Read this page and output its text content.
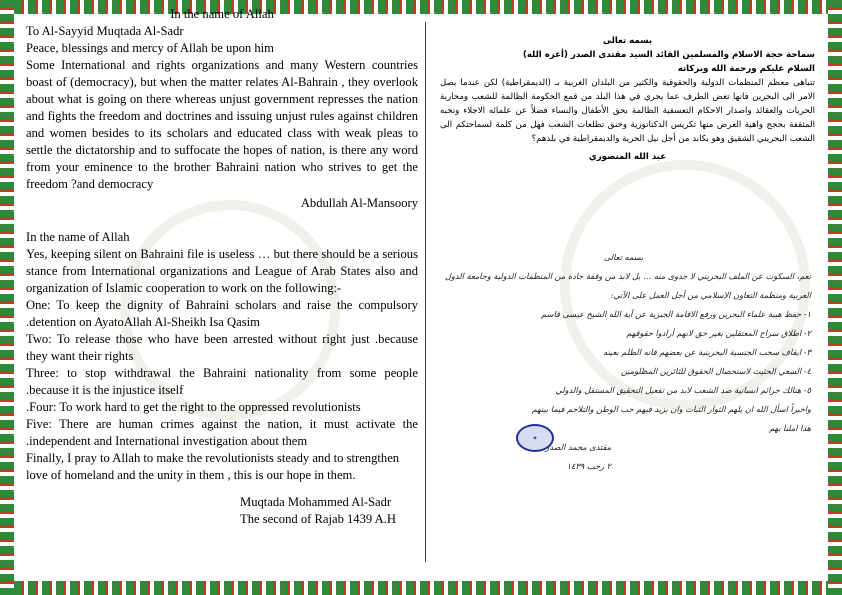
In the name of Allah

To Al-Sayyid Muqtada Al-Sadr

Peace, blessings and mercy of Allah be upon him

Some International and rights organizations and many Western countries boast of (democracy), but when the matter relates Al-Bahrain , they overlook about what is going on there whereas unjust government represses the nation and fights the freedom and doctrines and issuing unjust rules against children and women besides to its scholars and educated class with weak pleas to settle the dictatorship and to suffocate the hopes of nation, is there any word from your eminence to the brother Bahraini nation who strives to get the freedom ?and democracy

Abdullah Al-Mansoory

In the name of Allah

Yes, keeping silent on Bahraini file is useless … but there should be a serious stance from International organizations and League of Arab States also and organization of Islamic cooperation to work on the following:-

One: To keep the dignity of Bahraini scholars and raise the compulsory .detention on AyatoAllah Al-Sheikh Isa Qasim

Two: To release those who have been arrested without right just .because they want their rights

Three: to stop withdrawal the Bahraini nationality from some people .because it is the injustice itself

.Four: To work hard to get the right to the oppressed revolutionists

Five: There are human crimes against the nation, it must activate the .independent and International investigation about them

Finally, I pray to Allah to make the revolutionists steady and to strengthen love of homeland and the unity in them , this is our hope in them.

Muqtada Mohammed Al-Sadr

The second of Rajab 1439 A.H

بسمه تعالى

سماحة حجة الاسلام والمسلمين القائد السيد مقتدى الصدر (أعزه الله)

السلام عليكم ورحمة الله وبركاته

تتباهى معظم المنظمات الدولية والحقوقية والكثير من البلدان الغربية بـ (الديمقراطية) لكن عندما يصل الامر الى البحرين فانها تغض الطرف عما يجري في هذا البلد من قمع الحكومة الظالمة للشعب ومحاربة الحريات والعقائد واصدار الاحكام التعسفية الظالمة بحق الأطفال والنساء فضلاً عن علمائه الاجلاء ونخبه المثقفة بحجج واهية الغرض منها تكريس الدكتاتورية وخنق تطلعات الشعب فهل من كلمة لسماحتكم الى الشعب البحريني الشقيق وهو يكابد من أجل نيل الحرية والديمقراطية في بلدهم؟

عبد الله المنصوري

بسمه تعالى

نعم، السكوت عن الملف البحريني لا جدوى منه … بل لابد من وقفة جادة من المنظمات الدولية وجامعة الدول العربية ومنظمة التعاون الاسلامي من أجل العمل على الآتي:

١- حفظ هيبة علماء البحرين ورفع الاقامة الجبرية عن آية الله الشيخ عيسى قاسم

٢- اطلاق سراح المعتقلين بغير حق لانهم أرادوا حقوقهم

٣- ايقاف سحب الجنسية البحرينية عن بعضهم فانه الظلم بعينه

٤- السعي الحثيث لاستحصال الحقوق للثائرين المظلومين

٥- هنالك جرائم انسانية ضد الشعب لابد من تفعيل التحقيق المستقل والدولي

واخيراً اسأل الله ان يلهم الثوار الثبات وان يزيد فيهم حب الوطن والتلاحم فيما بينهم

هذا املنا بهم

مقتدى محمد الصدر

٢ رجب ١٤٣٩

✦
